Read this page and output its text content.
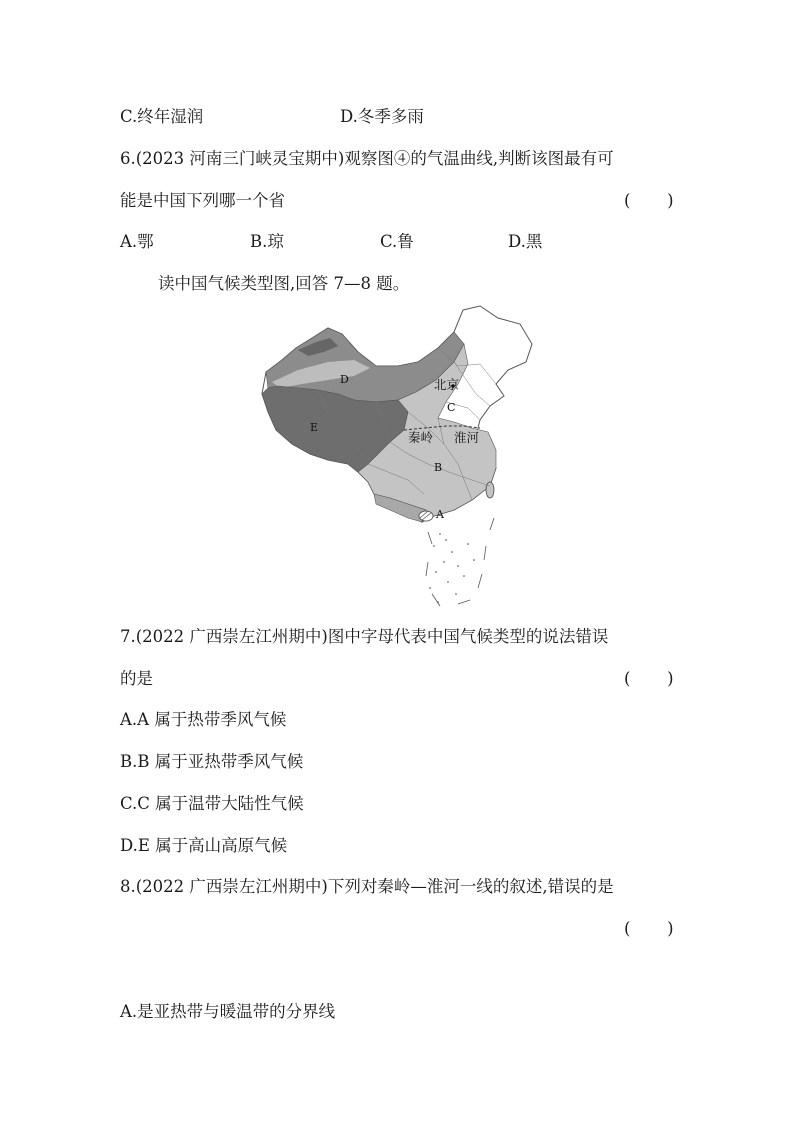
C.终年湿润	D.冬季多雨
6.(2023 河南三门峡灵宝期中)观察图④的气温曲线,判断该图最有可
能是中国下列哪一个省	(       )
A.鄂	B.琼	C.鲁	D.黑
读中国气候类型图,回答 7—8 题。
D
E
C
B
A
北京
秦岭 淮河
7.(2022 广西崇左江州期中)图中字母代表中国气候类型的说法错误
的是	(       )
A.A 属于热带季风气候
B.B 属于亚热带季风气候
C.C 属于温带大陆性气候
D.E 属于高山高原气候
8.(2022 广西崇左江州期中)下列对秦岭—淮河一线的叙述,错误的是
(       )
A.是亚热带与暖温带的分界线
